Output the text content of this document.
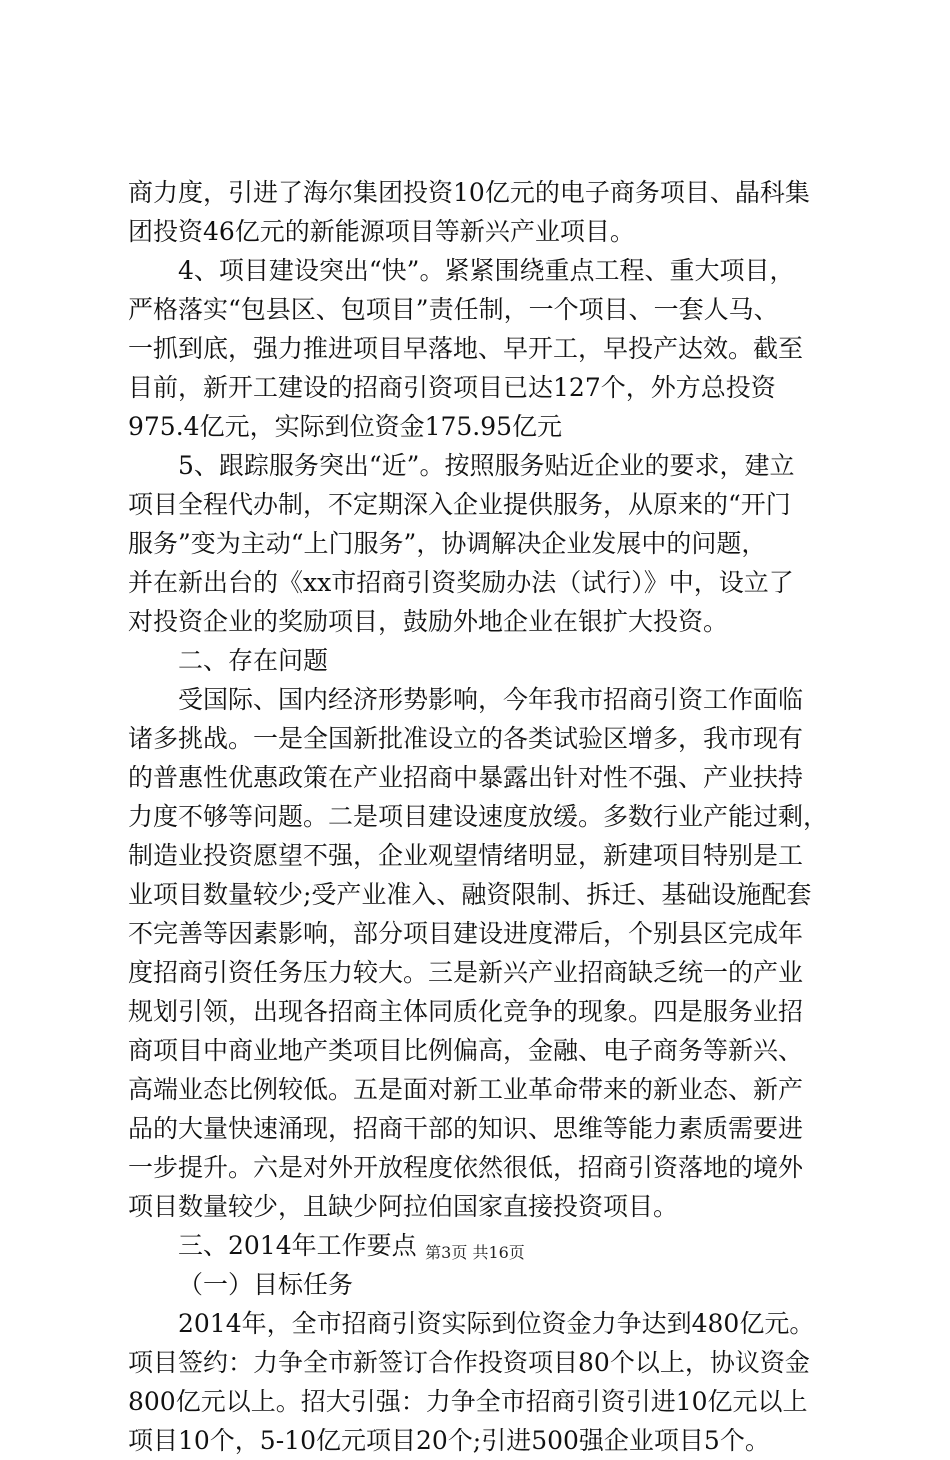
商力度，引进了海尔集团投资10亿元的电子商务项目、晶科集
团投资46亿元的新能源项目等新兴产业项目。
4、项目建设突出“快”。紧紧围绕重点工程、重大项目，
严格落实“包县区、包项目”责任制，一个项目、一套人马、
一抓到底，强力推进项目早落地、早开工，早投产达效。截至
目前，新开工建设的招商引资项目已达127个，外方总投资
975.4亿元，实际到位资金175.95亿元
5、跟踪服务突出“近”。按照服务贴近企业的要求，建立
项目全程代办制，不定期深入企业提供服务，从原来的“开门
服务”变为主动“上门服务”，协调解决企业发展中的问题，
并在新出台的《xx市招商引资奖励办法（试行）》中，设立了
对投资企业的奖励项目，鼓励外地企业在银扩大投资。
二、存在问题
受国际、国内经济形势影响，今年我市招商引资工作面临
诸多挑战。一是全国新批准设立的各类试验区增多，我市现有
的普惠性优惠政策在产业招商中暴露出针对性不强、产业扶持
力度不够等问题。二是项目建设速度放缓。多数行业产能过剩，
制造业投资愿望不强，企业观望情绪明显，新建项目特别是工
业项目数量较少;受产业准入、融资限制、拆迁、基础设施配套
不完善等因素影响，部分项目建设进度滞后，个别县区完成年
度招商引资任务压力较大。三是新兴产业招商缺乏统一的产业
规划引领，出现各招商主体同质化竞争的现象。四是服务业招
商项目中商业地产类项目比例偏高，金融、电子商务等新兴、
高端业态比例较低。五是面对新工业革命带来的新业态、新产
品的大量快速涌现，招商干部的知识、思维等能力素质需要进
一步提升。六是对外开放程度依然很低，招商引资落地的境外
项目数量较少，且缺少阿拉伯国家直接投资项目。
三、2014年工作要点
（一）目标任务
2014年，全市招商引资实际到位资金力争达到480亿元。
项目签约：力争全市新签订合作投资项目80个以上，协议资金
800亿元以上。招大引强：力争全市招商引资引进10亿元以上
项目10个，5-10亿元项目20个;引进500强企业项目5个。
第3页 共16页
